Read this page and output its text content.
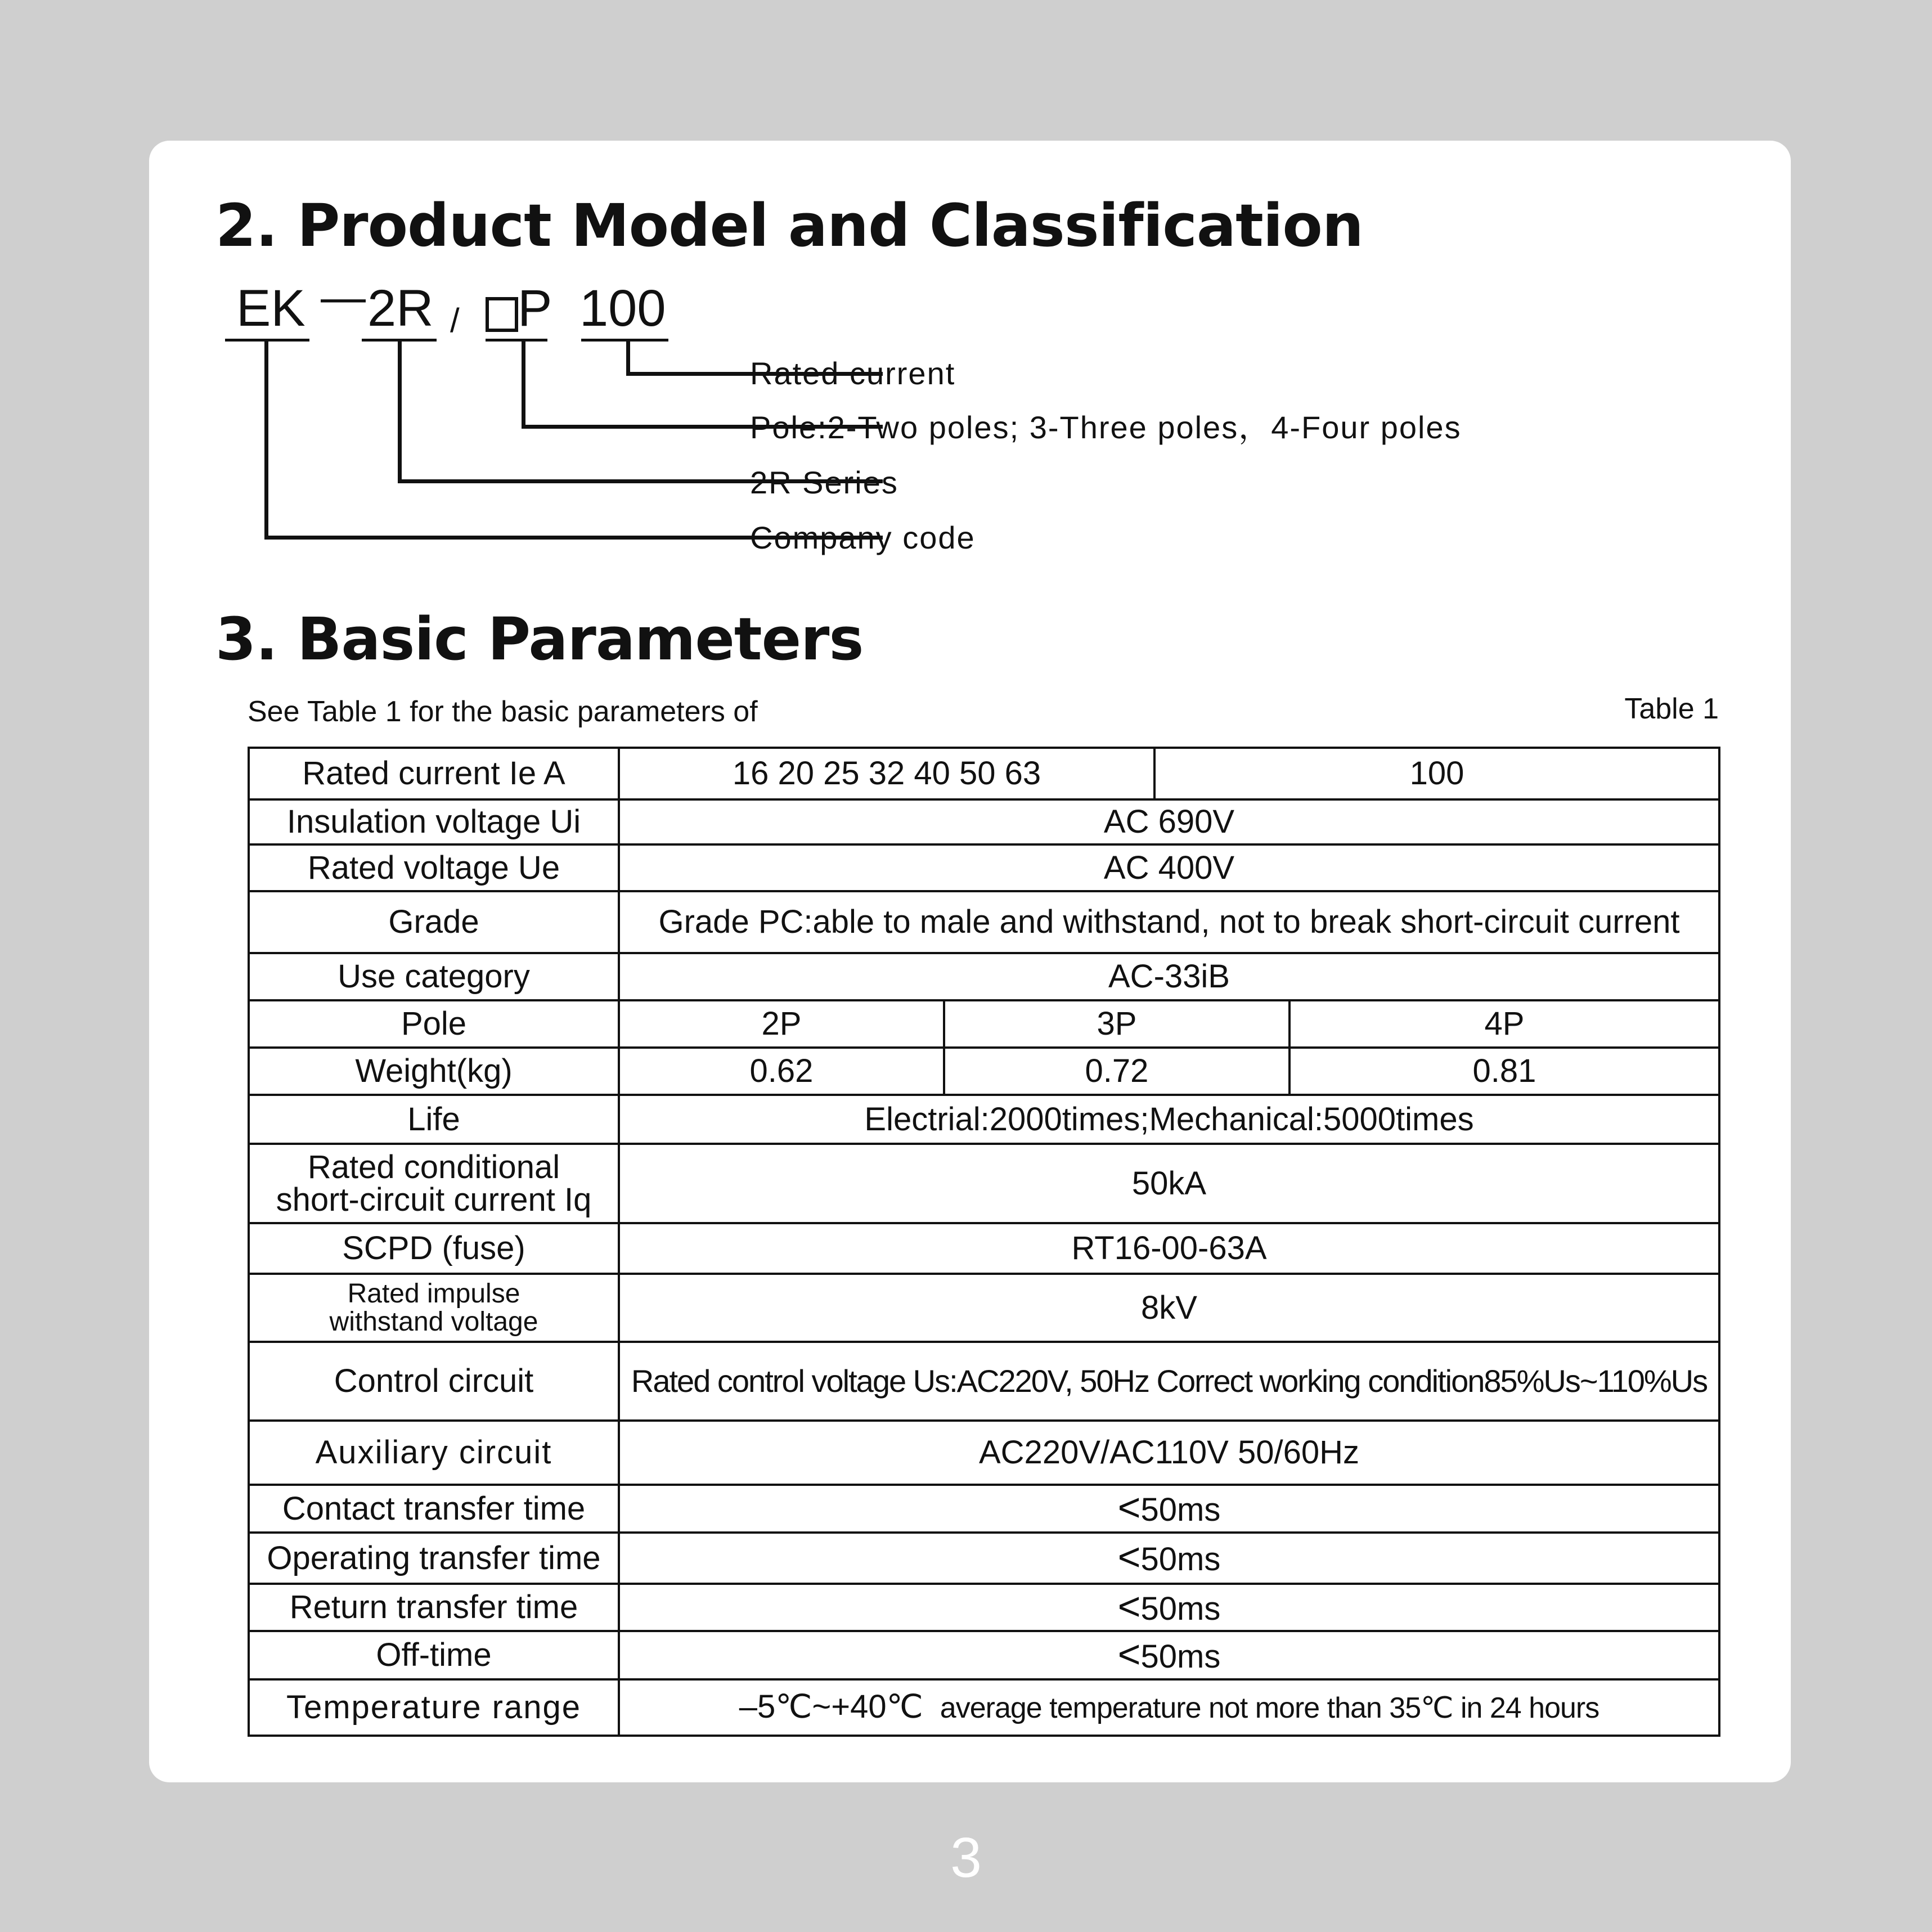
2. Product Model and Classification
EK — 2R / P 100
Rated current
Pole:2-Two poles; 3-Three poles，4-Four poles
2R Series
Company code
3. Basic Parameters
See Table 1 for the basic parameters of	Table 1
Rated current Ie A	16 20 25 32 40 50 63		100	
Insulation voltage Ui	AC 690V			
Rated voltage Ue	AC 400V			
Grade	Grade PC:able to male and withstand, not to break short-circuit current			
Use category	AC-33iB			
Pole	2P	3P		4P
Weight(kg)	0.62	0.72		0.81
Life	Electrial:2000times;Mechanical:5000times			

Rated conditional
short-circuit current Iq	50kA			
SCPD (fuse)	RT16-00-63A			

Rated impulse
withstand voltage	8kV			
Control circuit	Rated control voltage Us:AC220V, 50Hz Correct working condition85%Us~110%Us			
Auxiliary circuit	AC220V/AC110V 50/60Hz			
Contact transfer time	<50ms			
Operating transfer time	<50ms			
Return transfer time	<50ms			
Off-time	<50ms			
Temperature range	–5℃~+40℃ average temperature not more than 35℃ in 24 hours			
3
